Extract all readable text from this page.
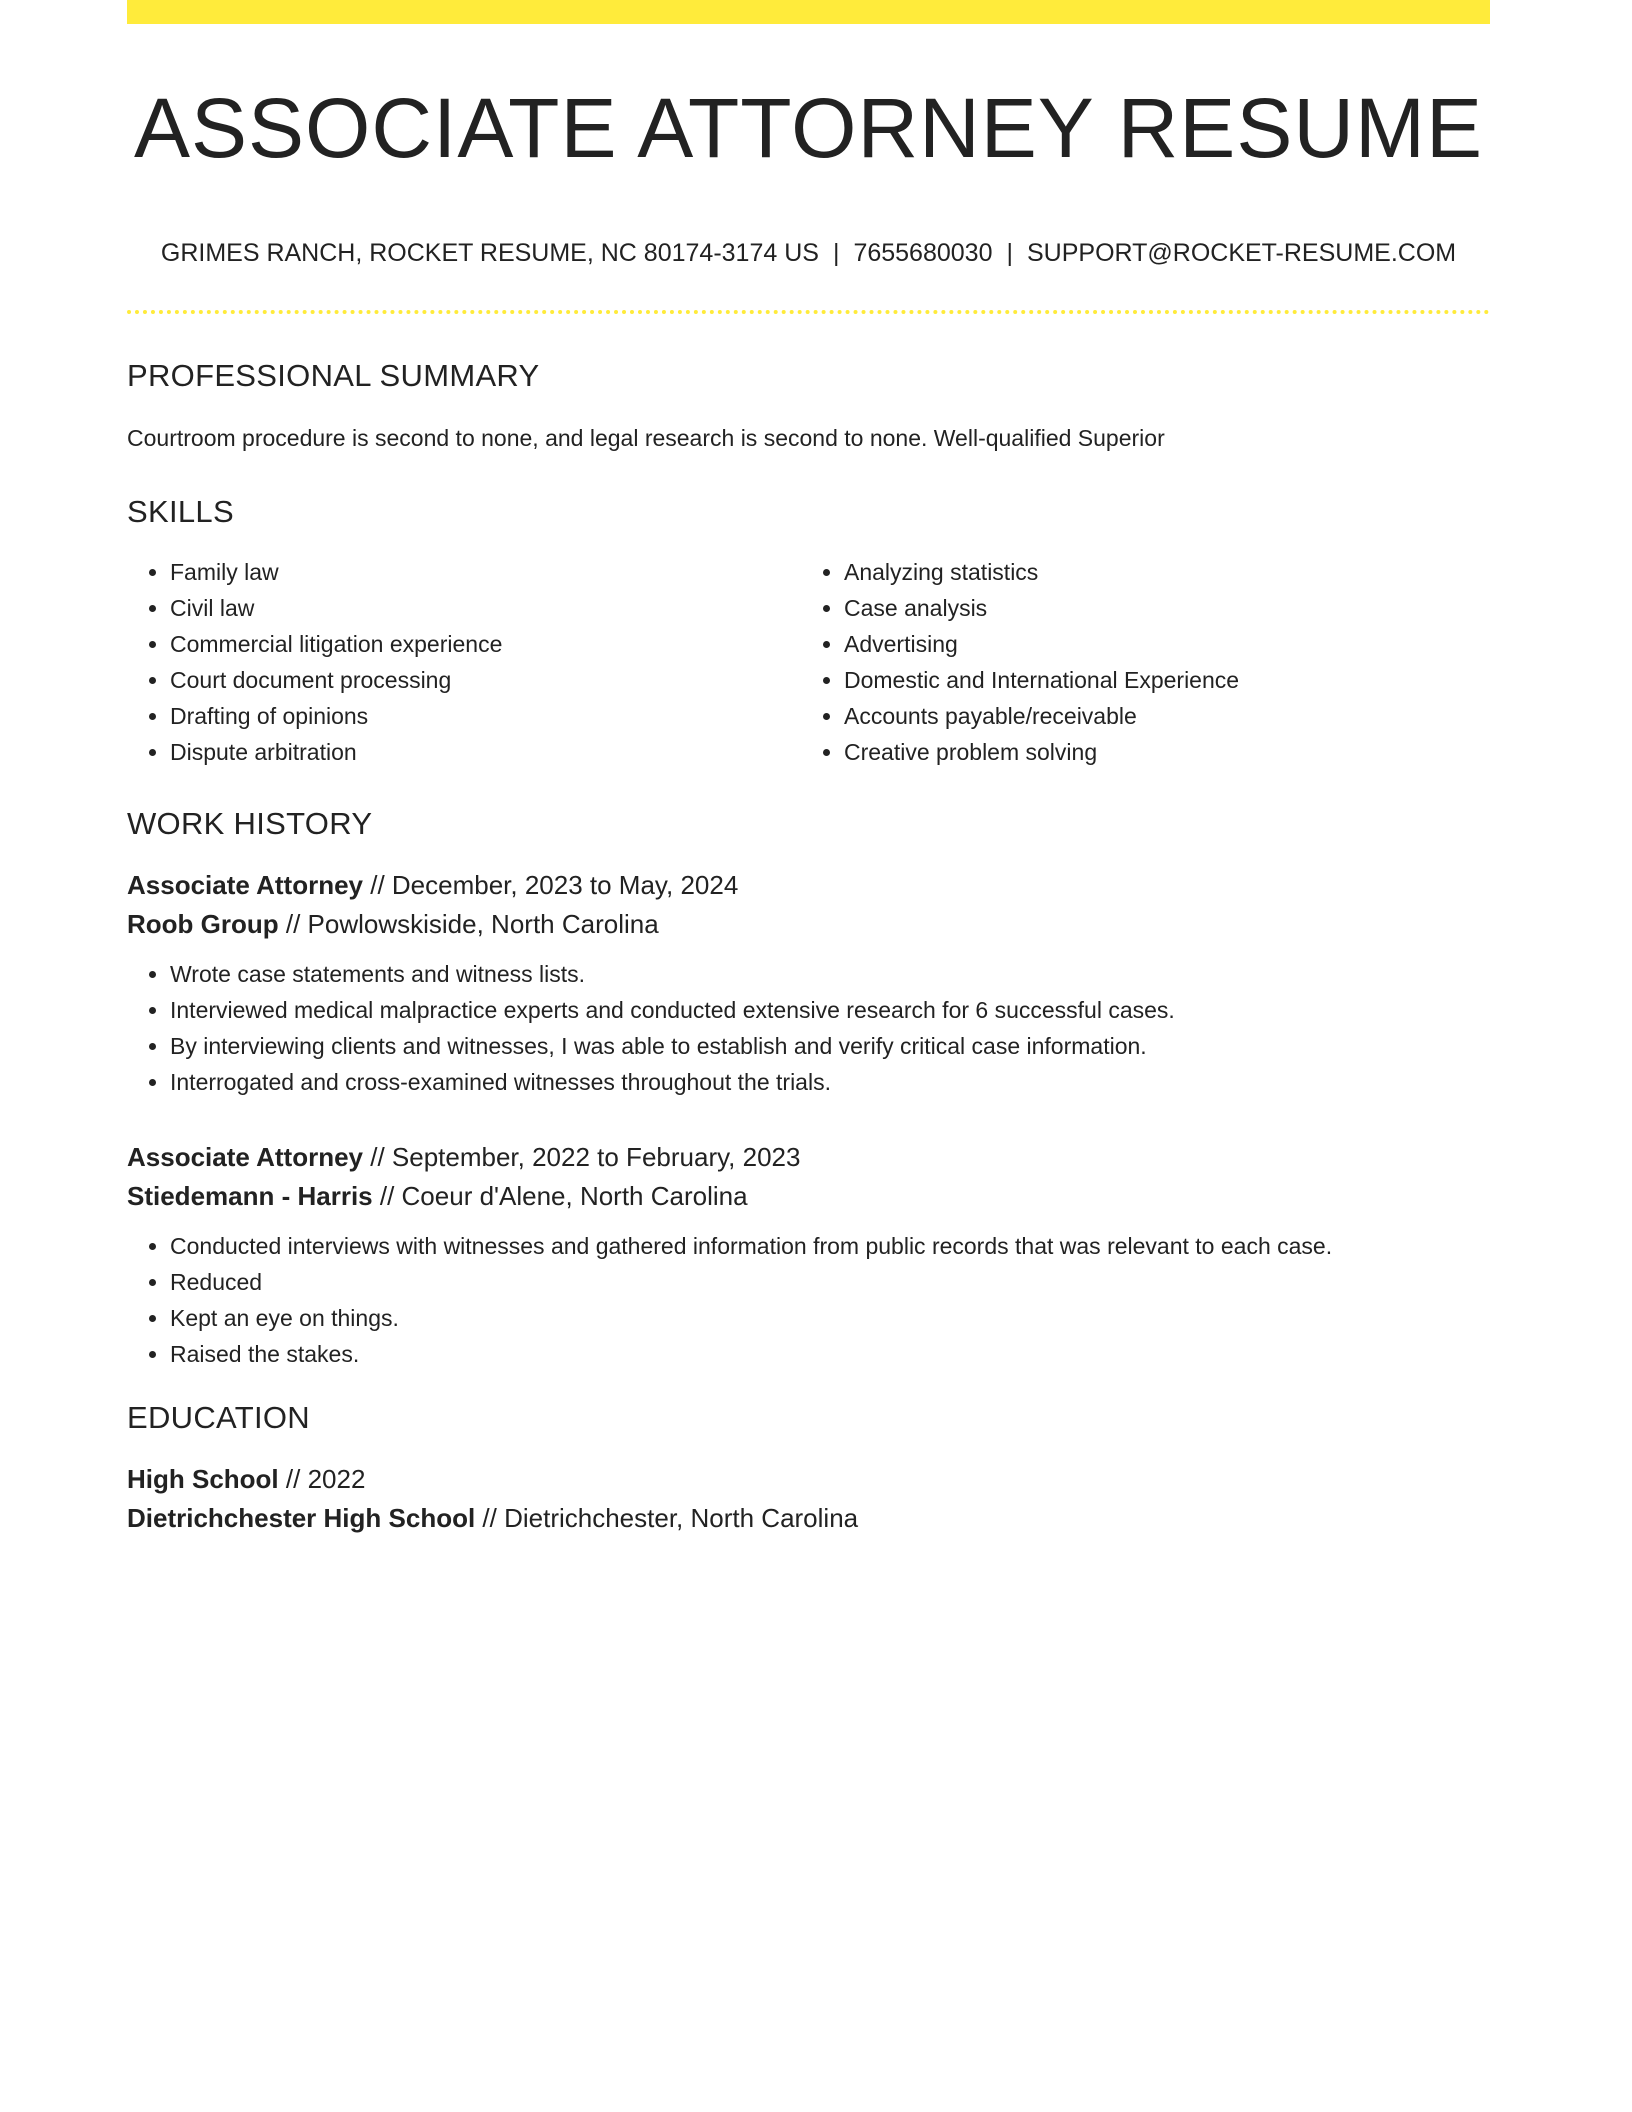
ASSOCIATE ATTORNEY RESUME
GRIMES RANCH, ROCKET RESUME, NC 80174-3174 US | 7655680030 | SUPPORT@ROCKET-RESUME.COM
PROFESSIONAL SUMMARY
Courtroom procedure is second to none, and legal research is second to none. Well-qualified Superior
SKILLS
• Family law
• Civil law
• Commercial litigation experience
• Court document processing
• Drafting of opinions
• Dispute arbitration
• Analyzing statistics
• Case analysis
• Advertising
• Domestic and International Experience
• Accounts payable/receivable
• Creative problem solving
WORK HISTORY
Associate Attorney // December, 2023 to May, 2024
Roob Group // Powlowskiside, North Carolina
• Wrote case statements and witness lists.
• Interviewed medical malpractice experts and conducted extensive research for 6 successful cases.
• By interviewing clients and witnesses, I was able to establish and verify critical case information.
• Interrogated and cross-examined witnesses throughout the trials.
Associate Attorney // September, 2022 to February, 2023
Stiedemann - Harris // Coeur d'Alene, North Carolina
• Conducted interviews with witnesses and gathered information from public records that was relevant to each case.
• Reduced
• Kept an eye on things.
• Raised the stakes.
EDUCATION
High School // 2022
Dietrichchester High School // Dietrichchester, North Carolina
